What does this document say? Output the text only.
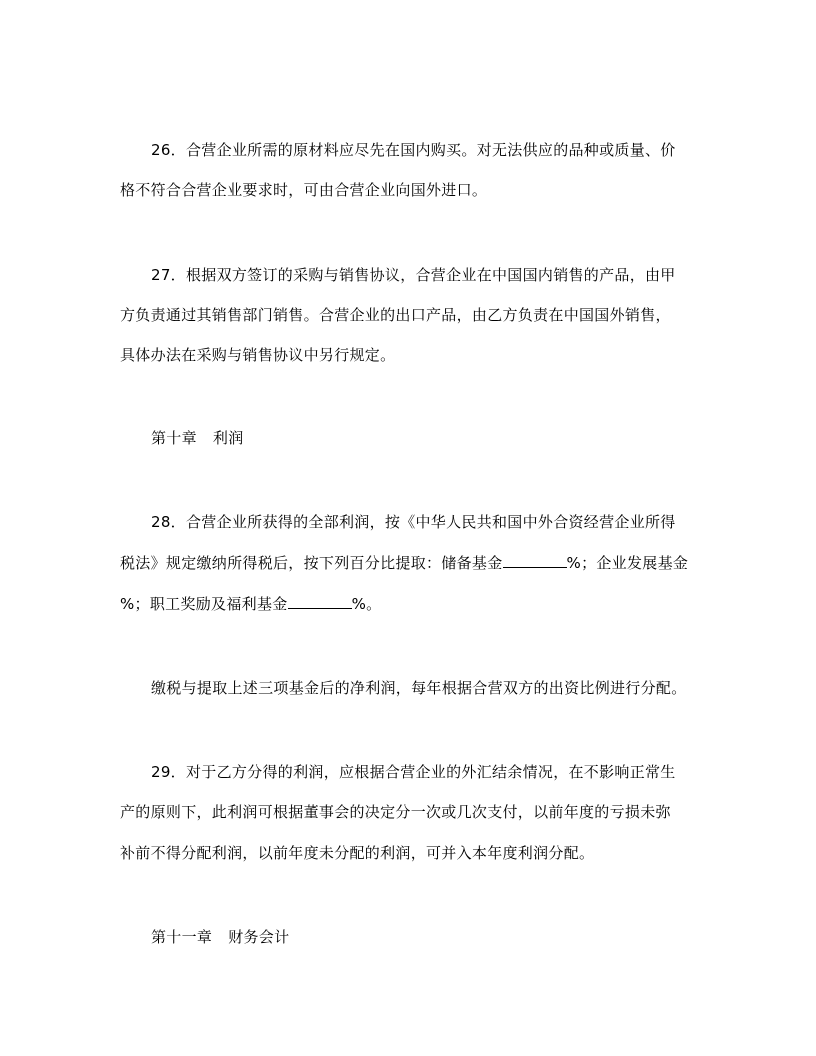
26．合营企业所需的原材料应尽先在国内购买。对无法供应的品种或质量、价
格不符合合营企业要求时，可由合营企业向国外进口。
27．根据双方签订的采购与销售协议，合营企业在中国国内销售的产品，由甲
方负责通过其销售部门销售。合营企业的出口产品，由乙方负责在中国国外销售，
具体办法在采购与销售协议中另行规定。
第十章 利润
28．合营企业所获得的全部利润，按《中华人民共和国中外合资经营企业所得
税法》规定缴纳所得税后，按下列百分比提取：储备基金	%；企业发展基金
%；职工奖励及福利基金	%。
缴税与提取上述三项基金后的净利润，每年根据合营双方的出资比例进行分配。
29．对于乙方分得的利润，应根据合营企业的外汇结余情况，在不影响正常生
产的原则下，此利润可根据董事会的决定分一次或几次支付，以前年度的亏损未弥
补前不得分配利润，以前年度未分配的利润，可并入本年度利润分配。
第十一章 财务会计
